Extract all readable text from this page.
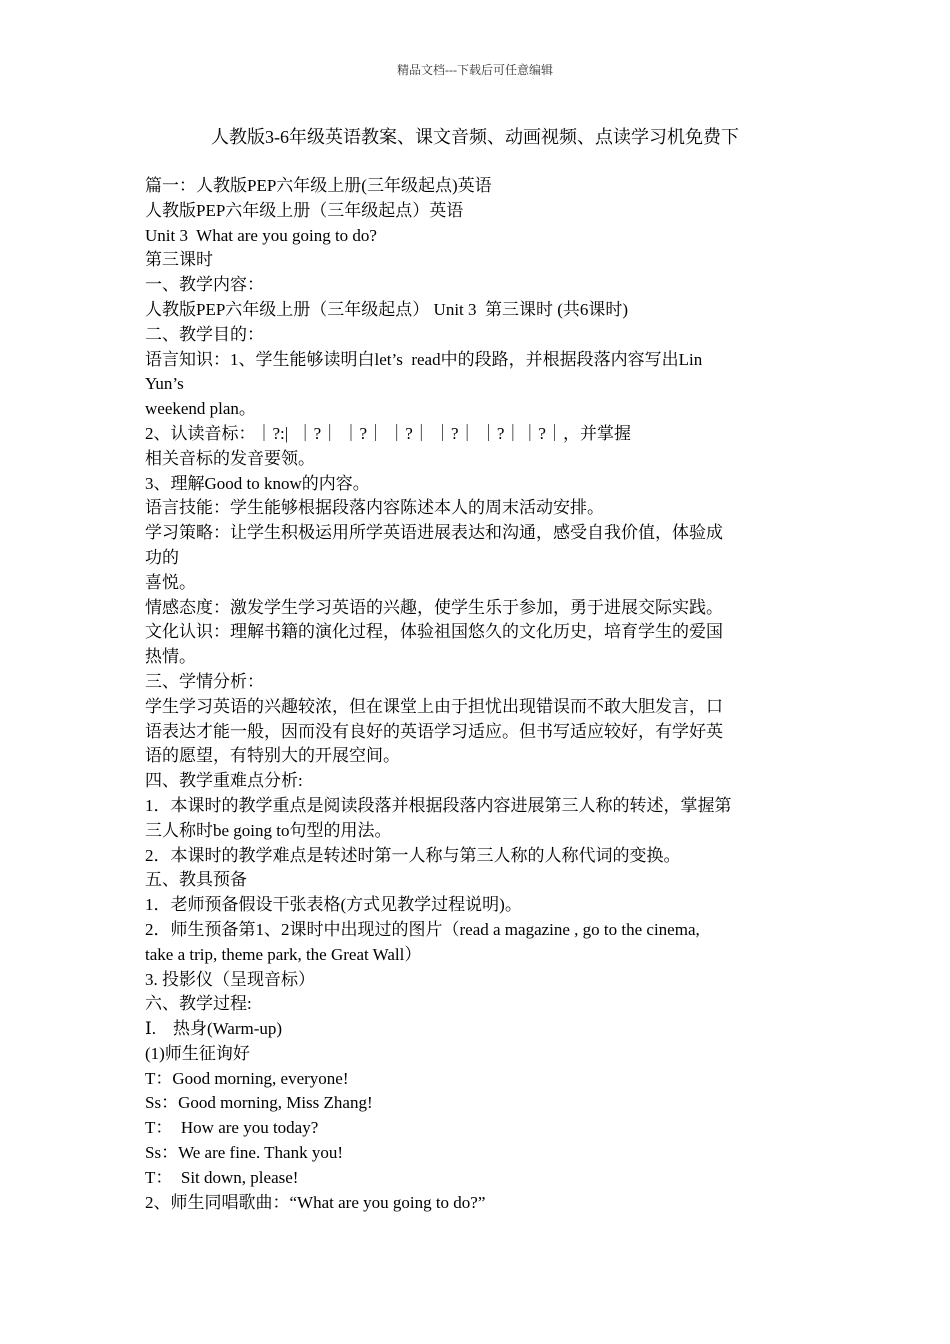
精品文档---下载后可任意编辑
人教版3-6年级英语教案、课文音频、动画视频、点读学习机免费下

篇一：人教版PEP六年级上册(三年级起点)英语

人教版PEP六年级上册（三年级起点）英语

Unit 3  What are you going to do?

第三课时

一、教学内容：

人教版PEP六年级上册（三年级起点） Unit 3  第三课时 (共6课时)

二、教学目的：

语言知识：1、学生能够读明白let’s  read中的段路，并根据段落内容写出Lin

Yun’s

weekend plan。

2、认读音标：｜?:|  ｜?｜ ｜?｜ ｜?｜ ｜?｜ ｜?｜｜?｜，并掌握

相关音标的发音要领。

3、理解Good to know的内容。

语言技能：学生能够根据段落内容陈述本人的周末活动安排。

学习策略：让学生积极运用所学英语进展表达和沟通，感受自我价值，体验成

功的

喜悦。

情感态度：激发学生学习英语的兴趣，使学生乐于参加，勇于进展交际实践。

文化认识：理解书籍的演化过程，体验祖国悠久的文化历史，培育学生的爱国

热情。

三、学情分析：

学生学习英语的兴趣较浓，但在课堂上由于担忧出现错误而不敢大胆发言，口

语表达才能一般，因而没有良好的英语学习适应。但书写适应较好，有学好英

语的愿望，有特别大的开展空间。

四、教学重难点分析:

1．本课时的教学重点是阅读段落并根据段落内容进展第三人称的转述，掌握第

三人称时be going to句型的用法。

2．本课时的教学难点是转述时第一人称与第三人称的人称代词的变换。

五、教具预备

1．老师预备假设干张表格(方式见教学过程说明)。

2．师生预备第1、2课时中出现过的图片（read a magazine , go to the cinema,

take a trip, theme park, the Great Wall）

3. 投影仪（呈现音标）

六、教学过程:

Ⅰ.    热身(Warm-up)

(1)师生征询好

T：Good morning, everyone!

Ss：Good morning, Miss Zhang!

T：  How are you today?

Ss：We are fine. Thank you!

T：  Sit down, please!

2、师生同唱歌曲：“What are you going to do?”
